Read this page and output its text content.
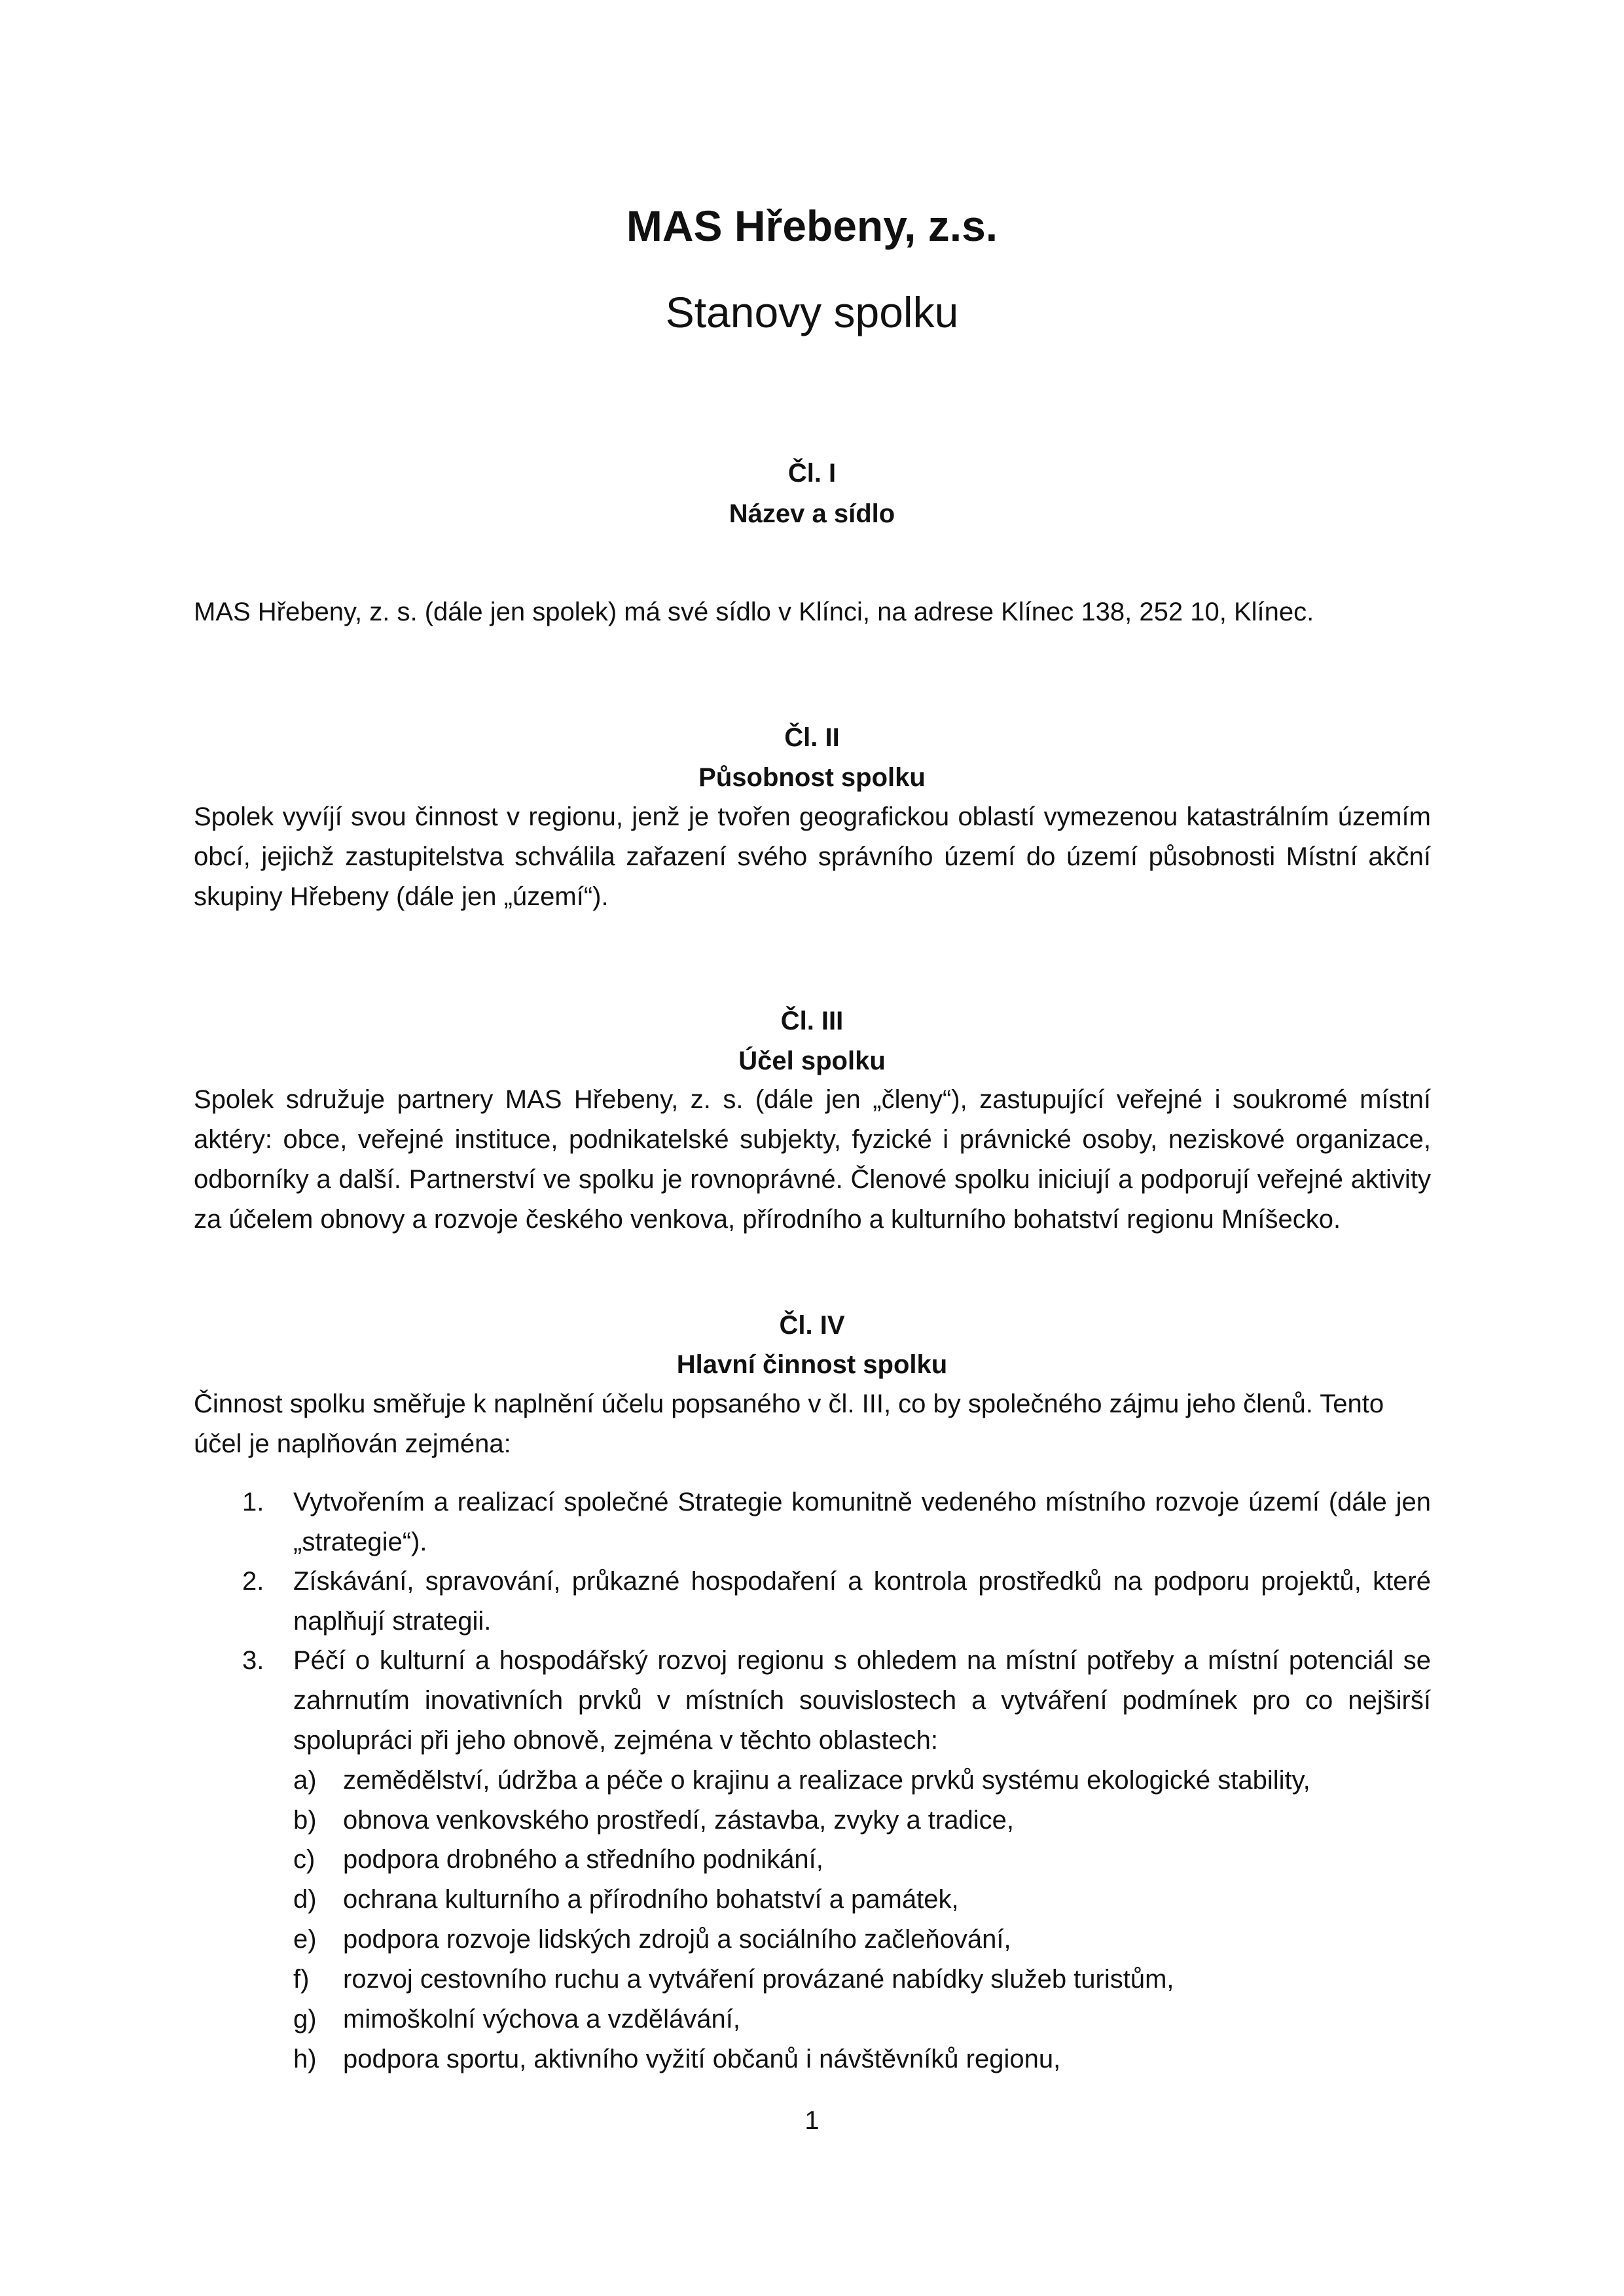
MAS Hřebeny, z.s.
Stanovy spolku
Čl. I
Název a sídlo

MAS Hřebeny, z. s. (dále jen spolek) má své sídlo v Klínci, na adrese Klínec 138, 252 10, Klínec.

Čl. II
Působnost spolku

Spolek vyvíjí svou činnost v regionu, jenž je tvořen geografickou oblastí vymezenou katastrálním územím obcí, jejichž zastupitelstva schválila zařazení svého správního území do území působnosti Místní akční skupiny Hřebeny (dále jen „území“).

Čl. III
Účel spolku

Spolek sdružuje partnery MAS Hřebeny, z. s. (dále jen „členy“), zastupující veřejné i soukromé místní aktéry: obce, veřejné instituce, podnikatelské subjekty, fyzické i právnické osoby, neziskové organizace, odborníky a další. Partnerství ve spolku je rovnoprávné. Členové spolku iniciují a podporují veřejné aktivity za účelem obnovy a rozvoje českého venkova, přírodního a kulturního bohatství regionu Mníšecko.

Čl. IV
Hlavní činnost spolku

Činnost spolku směřuje k naplnění účelu popsaného v čl. III, co by společného zájmu jeho členů. Tento účel je naplňován zejména:

1.	Vytvořením a realizací společné Strategie komunitně vedeného místního rozvoje území (dále jen „strategie“).
2.	Získávání, spravování, průkazné hospodaření a kontrola prostředků na podporu projektů, které naplňují strategii.
3.	Péčí o kulturní a hospodářský rozvoj regionu s ohledem na místní potřeby a místní potenciál se zahrnutím inovativních prvků v místních souvislostech a vytváření podmínek pro co nejširší spolupráci při jeho obnově, zejména v těchto oblastech:
a)	zemědělství, údržba a péče o krajinu a realizace prvků systému ekologické stability,
b)	obnova venkovského prostředí, zástavba, zvyky a tradice,
c)	podpora drobného a středního podnikání,
d)	ochrana kulturního a přírodního bohatství a památek,
e)	podpora rozvoje lidských zdrojů a sociálního začleňování,
f)	rozvoj cestovního ruchu a vytváření provázané nabídky služeb turistům,
g)	mimoškolní výchova a vzdělávání,
h)	podpora sportu, aktivního vyžití občanů i návštěvníků regionu,
1
